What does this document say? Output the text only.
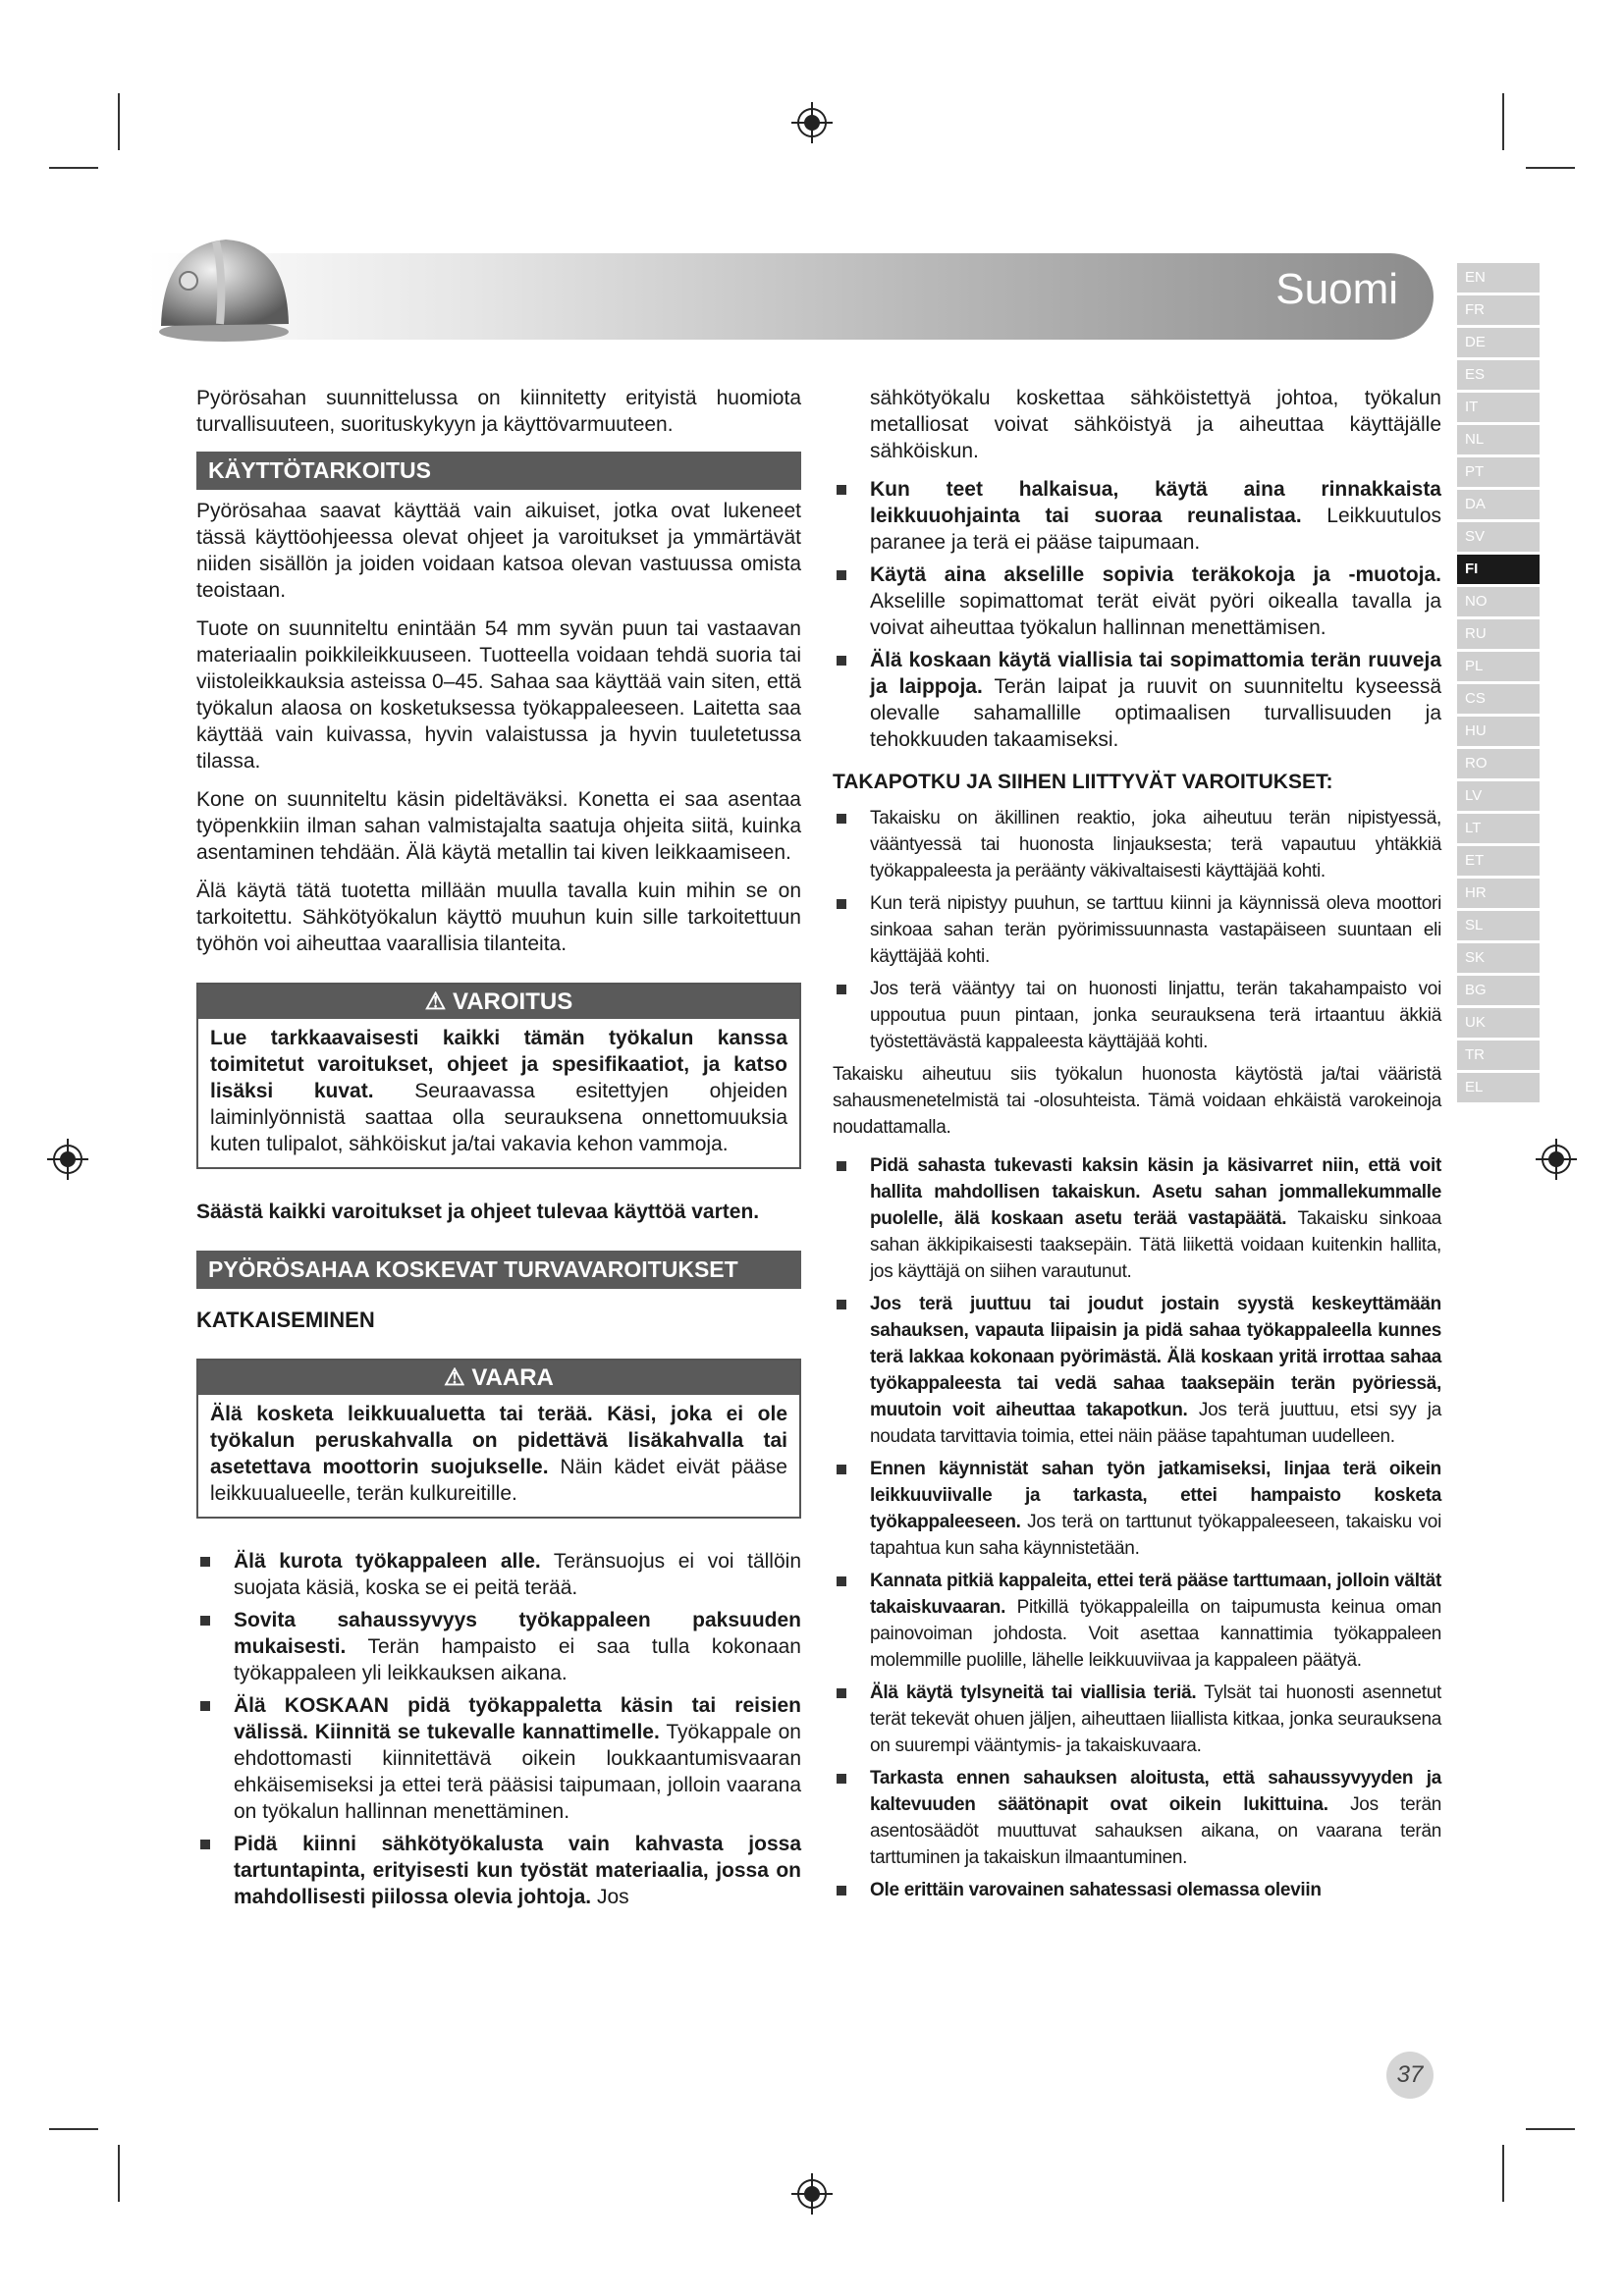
Suomi	EN
FR
DE
ES
IT
NL
PT
DA
SV
FI
NO
RU
PL
CS
HU
RO
LV
LT
ET
HR
SL
SK
BG
UK
TR
EL

Pyörösahan suunnittelussa on kiinnitetty erityistä huomiota turvallisuuteen, suorituskykyyn ja käyttövarmuuteen.

KÄYTTÖTARKOITUS

Pyörösahaa saavat käyttää vain aikuiset, jotka ovat lukeneet tässä käyttöohjeessa olevat ohjeet ja varoitukset ja ymmärtävät niiden sisällön ja joiden voidaan katsoa olevan vastuussa omista teoistaan.

Tuote on suunniteltu enintään 54 mm syvän puun tai vastaavan materiaalin poikkileikkuuseen. Tuotteella voidaan tehdä suoria tai viistoleikkauksia asteissa 0–45. Sahaa saa käyttää vain siten, että työkalun alaosa on kosketuksessa työkappaleeseen. Laitetta saa käyttää vain kuivassa, hyvin valaistussa ja hyvin tuuletetussa tilassa.

Kone on suunniteltu käsin pideltäväksi. Konetta ei saa asentaa työpenkkiin ilman sahan valmistajalta saatuja ohjeita siitä, kuinka asentaminen tehdään. Älä käytä metallin tai kiven leikkaamiseen.

Älä käytä tätä tuotetta millään muulla tavalla kuin mihin se on tarkoitettu. Sähkötyökalun käyttö muuhun kuin sille tarkoitettuun työhön voi aiheuttaa vaarallisia tilanteita.

⚠ VAROITUS
Lue tarkkaavaisesti kaikki tämän työkalun kanssa toimitetut varoitukset, ohjeet ja spesifikaatiot, ja katso lisäksi kuvat. Seuraavassa esitettyjen ohjeiden laiminlyönnistä saattaa olla seurauksena onnettomuuksia kuten tulipalot, sähköiskut ja/tai vakavia kehon vammoja.

Säästä kaikki varoitukset ja ohjeet tulevaa käyttöä varten.

PYÖRÖSAHAA KOSKEVAT TURVAVAROITUKSET
KATKAISEMINEN
⚠ VAARA
Älä kosketa leikkuualuetta tai terää. Käsi, joka ei ole työkalun peruskahvalla on pidettävä lisäkahvalla tai asetettava moottorin suojukselle. Näin kädet eivät pääse leikkuualueelle, terän kulkureitille.
Älä kurota työkappaleen alle. Teränsuojus ei voi tällöin suojata käsiä, koska se ei peitä terää.
Sovita sahaussyvyys työkappaleen paksuuden mukaisesti. Terän hampaisto ei saa tulla kokonaan työkappaleen yli leikkauksen aikana.
Älä KOSKAAN pidä työkappaletta käsin tai reisien välissä. Kiinnitä se tukevalle kannattimelle. Työkappale on ehdottomasti kiinnitettävä oikein loukkaantumisvaaran ehkäisemiseksi ja ettei terä pääsisi taipumaan, jolloin vaarana on työkalun hallinnan menettäminen.
Pidä kiinni sähkötyökalusta vain kahvasta jossa tartuntapinta, erityisesti kun työstät materiaalia, jossa on mahdollisesti piilossa olevia johtoja. Jos

sähkötyökalu koskettaa sähköistettyä johtoa, työkalun metalliosat voivat sähköistyä ja aiheuttaa käyttäjälle sähköiskun.

Kun teet halkaisua, käytä aina rinnakkaista leikkuuohjainta tai suoraa reunalistaa. Leikkuutulos paranee ja terä ei pääse taipumaan.
Käytä aina akselille sopivia teräkokoja ja -muotoja. Akselille sopimattomat terät eivät pyöri oikealla tavalla ja voivat aiheuttaa työkalun hallinnan menettämisen.
Älä koskaan käytä viallisia tai sopimattomia terän ruuveja ja laippoja. Terän laipat ja ruuvit on suunniteltu kyseessä olevalle sahamallille optimaalisen turvallisuuden ja tehokkuuden takaamiseksi.
TAKAPOTKU JA SIIHEN LIITTYVÄT VAROITUKSET:
Takaisku on äkillinen reaktio, joka aiheutuu terän nipistyessä, vääntyessä tai huonosta linjauksesta; terä vapautuu yhtäkkiä työkappaleesta ja peräänty väkivaltaisesti käyttäjää kohti.
Kun terä nipistyy puuhun, se tarttuu kiinni ja käynnissä oleva moottori sinkoaa sahan terän pyörimissuunnasta vastapäiseen suuntaan eli käyttäjää kohti.
Jos terä vääntyy tai on huonosti linjattu, terän takahampaisto voi uppoutua puun pintaan, jonka seurauksena terä irtaantuu äkkiä työstettävästä kappaleesta käyttäjää kohti.

Takaisku aiheutuu siis työkalun huonosta käytöstä ja/tai vääristä sahausmenetelmistä tai -olosuhteista. Tämä voidaan ehkäistä varokeinoja noudattamalla.

Pidä sahasta tukevasti kaksin käsin ja käsivarret niin, että voit hallita mahdollisen takaiskun. Asetu sahan jommallekummalle puolelle, älä koskaan asetu terää vastapäätä. Takaisku sinkoaa sahan äkkipikaisesti taaksepäin. Tätä liikettä voidaan kuitenkin hallita, jos käyttäjä on siihen varautunut.
Jos terä juuttuu tai joudut jostain syystä keskeyttämään sahauksen, vapauta liipaisin ja pidä sahaa työkappaleella kunnes terä lakkaa kokonaan pyörimästä. Älä koskaan yritä irrottaa sahaa työkappaleesta tai vedä sahaa taaksepäin terän pyöriessä, muutoin voit aiheuttaa takapotkun. Jos terä juuttuu, etsi syy ja noudata tarvittavia toimia, ettei näin pääse tapahtuman uudelleen.
Ennen käynnistät sahan työn jatkamiseksi, linjaa terä oikein leikkuuviivalle ja tarkasta, ettei hampaisto kosketa työkappaleeseen. Jos terä on tarttunut työkappaleeseen, takaisku voi tapahtua kun saha käynnistetään.
Kannata pitkiä kappaleita, ettei terä pääse tarttumaan, jolloin vältät takaiskuvaaran. Pitkillä työkappaleilla on taipumusta keinua oman painovoiman johdosta. Voit asettaa kannattimia työkappaleen molemmille puolille, lähelle leikkuuviivaa ja kappaleen päätyä.
Älä käytä tylsyneitä tai viallisia teriä. Tylsät tai huonosti asennetut terät tekevät ohuen jäljen, aiheuttaen liiallista kitkaa, jonka seurauksena on suurempi vääntymis- ja takaiskuvaara.
Tarkasta ennen sahauksen aloitusta, että sahaussyvyyden ja kaltevuuden säätönapit ovat oikein lukittuina. Jos terän asentosäädöt muuttuvat sahauksen aikana, on vaarana terän tarttuminen ja takaiskun ilmaantuminen.
Ole erittäin varovainen sahatessasi olemassa oleviin
37
